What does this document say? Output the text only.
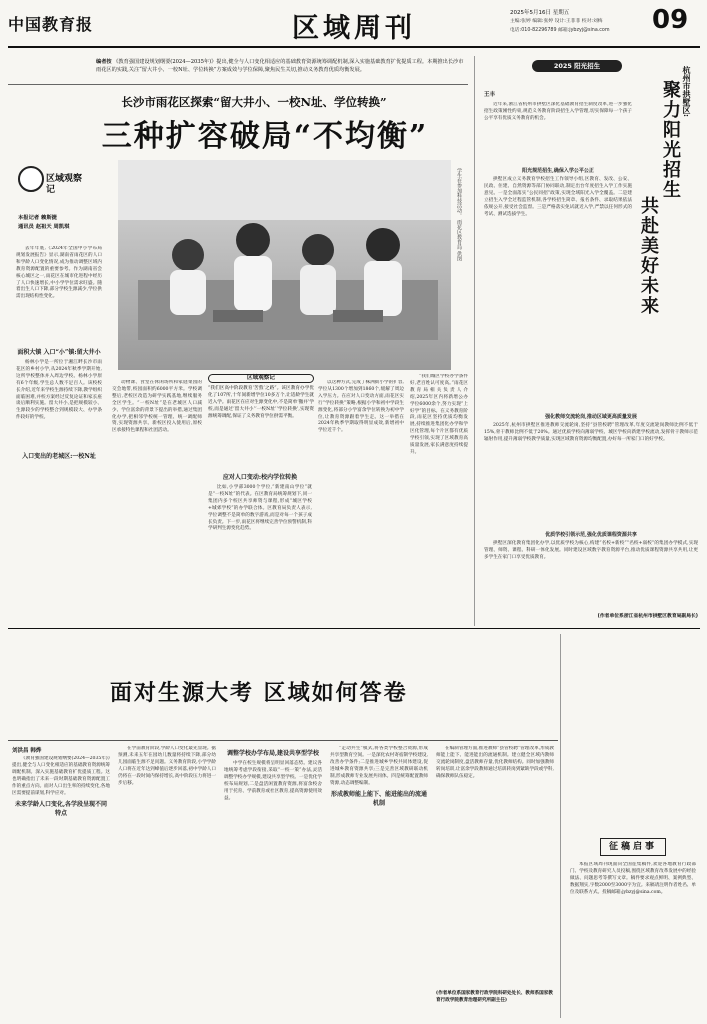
中国教育报	区域周刊	2025年5月16日 星期五
主编:张婷 编辑:张婷 设计:王菲菲 校对:刘梅
电话:010-82296789 邮箱:jybzyj@sina.com 09
编者按 《教育强国建设规划纲要(2024—2035年)》提出,健全与人口变化相适应的基础教育资源统筹调配机制,深入实施基础教育扩优提质工程。本期推出长沙市雨花区的实践,关注“留大井小、一校N址、学位转换”方案成效与学位保障,聚焦民生关切,推动义务教育优质均衡发展。
长沙市雨花区探索“留大井小、一校N址、学位转换”
三种扩容破局“不均衡”
区域观察记
本报记者 赖斯捷
通讯员 赵祖天 周凯琪	学生在参加科技活动。 雨花区教育局 供图
区域观察记
“我们区高中阶段教育‘苦熬’之路”。该区教育办学优化了107所,十年间新增学位10多万个,让适龄学生就近入学。雨花区在应对生源变化中,不是简单‘撤并’学校,而是通过‘留大井小’‘一校N址’‘学位转换’,实现资源统筹调配,保证了义务教育学位供需平衡。

去年年底,《2024年全国中小学布局规划发展报告》显示,湖南省雨花区的人口和学龄人口变化情况,成为推动调整区域内教育资源配置的重要参考。作为湖南省会核心城区之一,雨花区在城市化进程中经历了人口快速增长,中小学学位需求旺盛。随着出生人口下降,部分学校生源减少,学位供需出现结构性变化。

面积大镇 入口“小”镇:留大井小

杨林小学是一所位于湘江畔长沙市雨花区的乡村小学,从2024年秋季学期开始,这所学校整体并入周边学校。杨林小学原有6个年级,学生总人数不足百人。该校校长介绍,近年来学校生源持续下降,教学组织面临困难,并校方案经过反复论证和家长座谈后顺利实施。留大井小,是把规模较小、生源较少的学校整合到规模较大、办学条件较好的学校。

入口变出的老城区:一校N址

动物课、食堂在休闲场所和家庭菜园的交会地带,校园面积约6000平方米。学校调整后,老校区改造为研学实践基地,继续服务全区学生。“一校N址”是在老城区人口减少、学位富余的背景下提出的举措,通过集团化办学,把相邻学校统一管理、统一调配师资,实现资源共享。新校区投入使用后,原校区承接特色课程和社团活动。

以这种方式,完成了株洲街小学的扩容,学位从1300个增加到1860个,缓解了周边入学压力。在应对人口变动方面,雨花区实行“学位转换”策略,根据小学和初中学段生源变化,将部分小学富余学位转换为初中学位,让教育资源跟着学生走。这一举措在2024年秋季学期取得明显成效,新增初中学位近千个。

应对人口变动:校内学位转换

比如,小学部3000个学位,“新建南山学位”就是“一校N址”的代表。在区教育局统筹规划下,同一集团内多个校区共享师资与课程,形成“城区学校+城郊学校”的办学联合体。区教育局负责人表示,学位调整不是简单的数字游戏,而是对每一个孩子成长负责。下一步,雨花区将继续完善学位预警机制,科学研判生源变化趋势。

“我们城区学校办学条件好,老百姓认可度高。”雨花区教育局相关负责人介绍,2025年区内将新增公办学位6000余个,努力实现“上好学”的目标。在义务教育阶段,雨花区坚持优质均衡发展,持续推进集团化办学和学区化管理,每个片区都有优质学校引领,实现了区域教育高质量发展,家长满意度持续提升。

2025 阳光招生
王丰

近年来,浙江省杭州市拱墅区深化基础教育招生制度改革,进一步强化招生政策刚性约束,规范义务教育阶段招生入学管理,切实保障每一个孩子公平享有优质义务教育的机会。

杭州市拱墅区:
聚力阳光招生
共赴美好未来
阳光规范招生,确保入学公平公正

拱墅区成立义务教育学校招生工作领导小组,区教育、发改、公安、民政、住建、自然资源等部门协同联动,制定出台年度招生入学工作实施意见。一是全面落实“公民同招”政策,实现全域阳光入学全覆盖。二是建立招生入学全过程监管机制,各学校招生简章、报名条件、录取结果依法依规公开,接受社会监督。三是严格落实免试就近入学,严禁以任何形式的考试、测试选拔学生。

强化教师交流轮岗,推动区域更高质量发展

2025年,杭州市拱墅区推进教师交流轮岗,坚持“县管校聘”管理改革,年度交流轮岗教师比例不低于15%,骨干教师比例不低于20%。通过优质学校向薄弱学校、城区学校向新建学校流动,发挥骨干教师示范辐射作用,提升薄弱学校教学质量,实现区域教育资源均衡配置,办好每一所家门口的好学校。

优质学校引领示范,强化优质课程资源共享

拱墅区深化教育集团化办学,以优质学校为核心,构建“名校+新校”“名校+弱校”的集团办学模式,实现管理、师资、课程、科研一体化发展。同时建设区域数字教育资源平台,推动优质课程资源共享共用,让更多学生在家门口享受优质教育。

(作者单位系浙江省杭州市拱墅区教育局副局长)
面对生源大考 区域如何答卷
刘洪昌 韩烨

《教育强国建设规划纲要(2024—2035年)》提出,健全与人口变化相适应的基础教育资源统筹调配机制。深入实施基础教育扩优提质工程。这也明确指出了未来一段时期基础教育资源配置工作的重点方向。面对人口出生率的持续变化,各地区需要提前谋划,科学应对。

未来学龄人口变化,各学段呈现不同特点

在学前教育阶段,学龄人口变化最先显现。据预测,未来五年在园幼儿数量将持续下降,部分幼儿园面临生源不足问题。义务教育阶段,小学学龄人口将在近年达到峰值后逐步回落,初中学龄人口仍将在一段时间内保持增长,高中阶段压力将进一步后移。

调整学校办学布局,建设共享型学校

中学在校生规模将呈明显回落态势。建议各地统筹考虑学段衔接,采取“一校一策”办法,灵活调整学校办学规模,建设共享型学校。一是优化学校布局规划,二是盘活闲置教育资源,将富余校舍用于托育、学前教育或社区教育,提高资源使用效益。

“走动共生”模式,将各类学校整合资源,形成共享型教育空间。一是深化农村寄宿制学校建设,改善办学条件;二是推进城乡学校共同体建设,促进城乡教育资源共享;三是完善区域教研联动机制,形成教师专业发展共同体。四是统筹配置教师资源,动态调整编制。

形成教师能上能下、能进能出的流通机制

在编制管理方面,推进教师“县管校聘”管理改革,形成教师能上能下、能进能出的流通机制。建立健全区域内教师交流轮岗制度,盘活教师存量,优化教师结构。同时加强教师转岗培训,让富余学段教师通过培训转岗到紧缺学段或学科,确保教师队伍稳定。

(作者单位系国家教育行政学院科研处处长、教师系国家教育行政学院教育治理研究所副主任)
征稿启事

本报区域周刊现面向全国征集稿件,欢迎各地教育行政部门、学校及教育研究人员投稿,围绕区域教育改革发展中的经验做法、问题思考等撰写文章。稿件要求观点鲜明、案例典型、数据翔实,字数2000至3000字为宜。来稿请注明作者姓名、单位及联系方式。投稿邮箱:jybzyj@sina.com。
